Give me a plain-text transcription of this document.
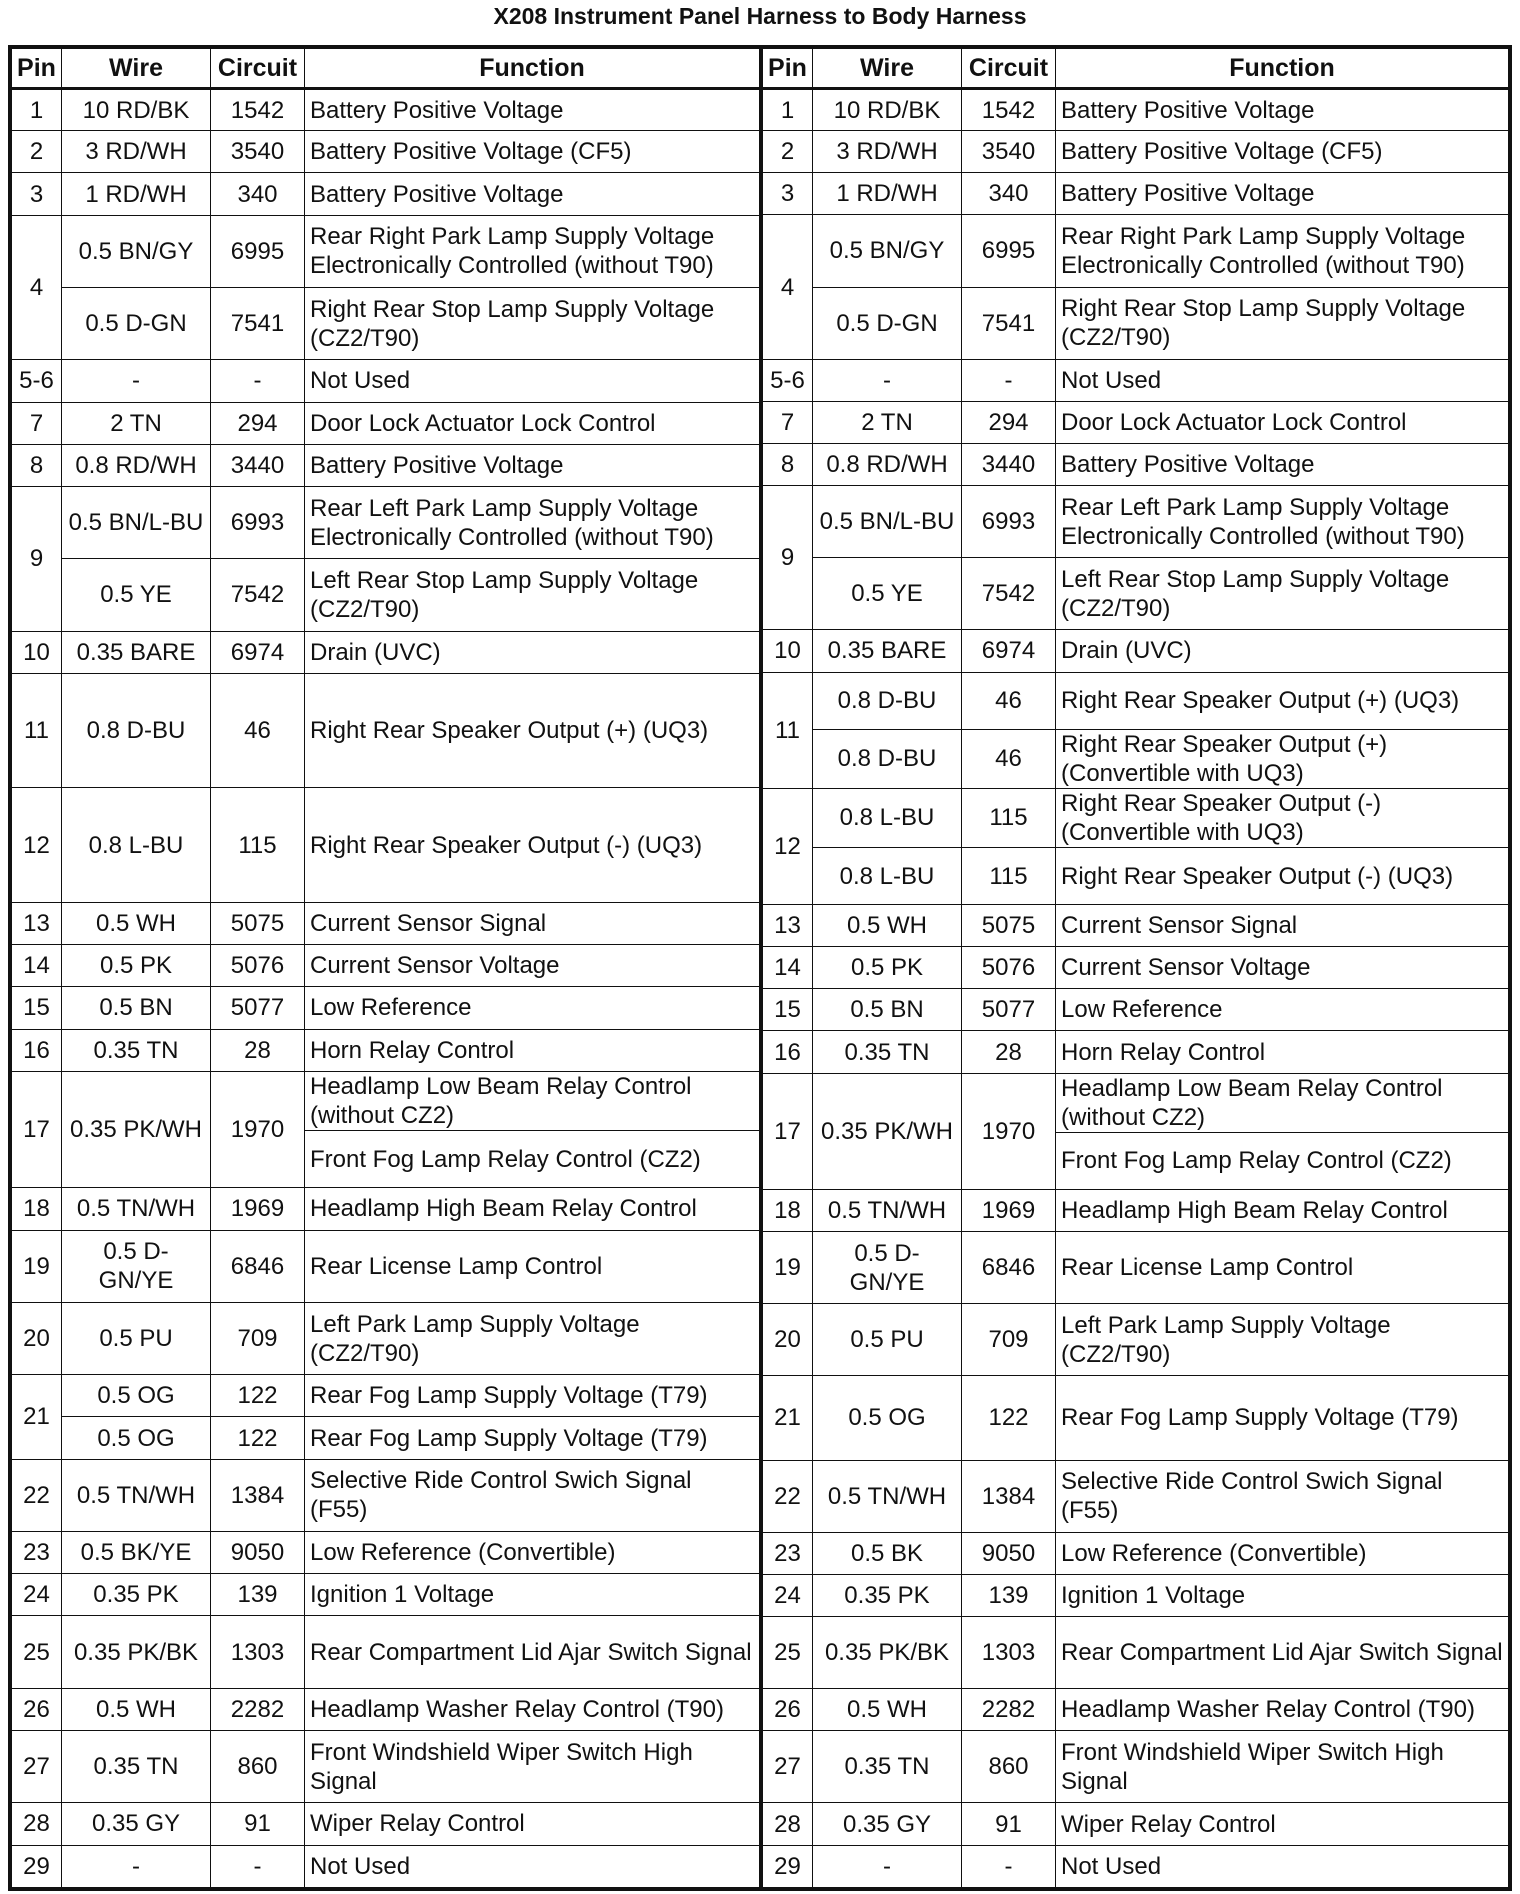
X208 Instrument Panel Harness to Body Harness
Pin	Wire	Circuit	Function
1	10 RD/BK	1542	Battery Positive Voltage
2	3 RD/WH	3540	Battery Positive Voltage (CF5)
3	1 RD/WH	340	Battery Positive Voltage
4	0.5 BN/GY	6995	Rear Right Park Lamp Supply Voltage Electronically Controlled (without T90)
	0.5 D-GN	7541	Right Rear Stop Lamp Supply Voltage (CZ2/T90)
5-6	-	-	Not Used
7	2 TN	294	Door Lock Actuator Lock Control
8	0.8 RD/WH	3440	Battery Positive Voltage
9	0.5 BN/L-BU	6993	Rear Left Park Lamp Supply Voltage Electronically Controlled (without T90)
	0.5 YE	7542	Left Rear Stop Lamp Supply Voltage (CZ2/T90)
10	0.35 BARE	6974	Drain (UVC)
11	0.8 D-BU	46	Right Rear Speaker Output (+) (UQ3)
12	0.8 L-BU	115	Right Rear Speaker Output (-) (UQ3)
13	0.5 WH	5075	Current Sensor Signal
14	0.5 PK	5076	Current Sensor Voltage
15	0.5 BN	5077	Low Reference
16	0.35 TN	28	Horn Relay Control
17	0.35 PK/WH	1970	Headlamp Low Beam Relay Control (without CZ2)
			Front Fog Lamp Relay Control (CZ2)
18	0.5 TN/WH	1969	Headlamp High Beam Relay Control
19	0.5 D-GN/YE	6846	Rear License Lamp Control
20	0.5 PU	709	Left Park Lamp Supply Voltage (CZ2/T90)
21	0.5 OG	122	Rear Fog Lamp Supply Voltage (T79)
	0.5 OG	122	Rear Fog Lamp Supply Voltage (T79)
22	0.5 TN/WH	1384	Selective Ride Control Swich Signal (F55)
23	0.5 BK/YE	9050	Low Reference (Convertible)
24	0.35 PK	139	Ignition 1 Voltage
25	0.35 PK/BK	1303	Rear Compartment Lid Ajar Switch Signal
26	0.5 WH	2282	Headlamp Washer Relay Control (T90)
27	0.35 TN	860	Front Windshield Wiper Switch High Signal
28	0.35 GY	91	Wiper Relay Control
29	-	-	Not Used
Pin	Wire	Circuit	Function
1	10 RD/BK	1542	Battery Positive Voltage
2	3 RD/WH	3540	Battery Positive Voltage (CF5)
3	1 RD/WH	340	Battery Positive Voltage
4	0.5 BN/GY	6995	Rear Right Park Lamp Supply Voltage Electronically Controlled (without T90)
	0.5 D-GN	7541	Right Rear Stop Lamp Supply Voltage (CZ2/T90)
5-6	-	-	Not Used
7	2 TN	294	Door Lock Actuator Lock Control
8	0.8 RD/WH	3440	Battery Positive Voltage
9	0.5 BN/L-BU	6993	Rear Left Park Lamp Supply Voltage Electronically Controlled (without T90)
	0.5 YE	7542	Left Rear Stop Lamp Supply Voltage (CZ2/T90)
10	0.35 BARE	6974	Drain (UVC)
11	0.8 D-BU	46	Right Rear Speaker Output (+) (UQ3)
	0.8 D-BU	46	Right Rear Speaker Output (+) (Convertible with UQ3)
12	0.8 L-BU	115	Right Rear Speaker Output (-) (Convertible with UQ3)
	0.8 L-BU	115	Right Rear Speaker Output (-) (UQ3)
13	0.5 WH	5075	Current Sensor Signal
14	0.5 PK	5076	Current Sensor Voltage
15	0.5 BN	5077	Low Reference
16	0.35 TN	28	Horn Relay Control
17	0.35 PK/WH	1970	Headlamp Low Beam Relay Control (without CZ2)
			Front Fog Lamp Relay Control (CZ2)
18	0.5 TN/WH	1969	Headlamp High Beam Relay Control
19	0.5 D-GN/YE	6846	Rear License Lamp Control
20	0.5 PU	709	Left Park Lamp Supply Voltage (CZ2/T90)
21	0.5 OG	122	Rear Fog Lamp Supply Voltage (T79)
22	0.5 TN/WH	1384	Selective Ride Control Swich Signal (F55)
23	0.5 BK	9050	Low Reference (Convertible)
24	0.35 PK	139	Ignition 1 Voltage
25	0.35 PK/BK	1303	Rear Compartment Lid Ajar Switch Signal
26	0.5 WH	2282	Headlamp Washer Relay Control (T90)
27	0.35 TN	860	Front Windshield Wiper Switch High Signal
28	0.35 GY	91	Wiper Relay Control
29	-	-	Not Used
